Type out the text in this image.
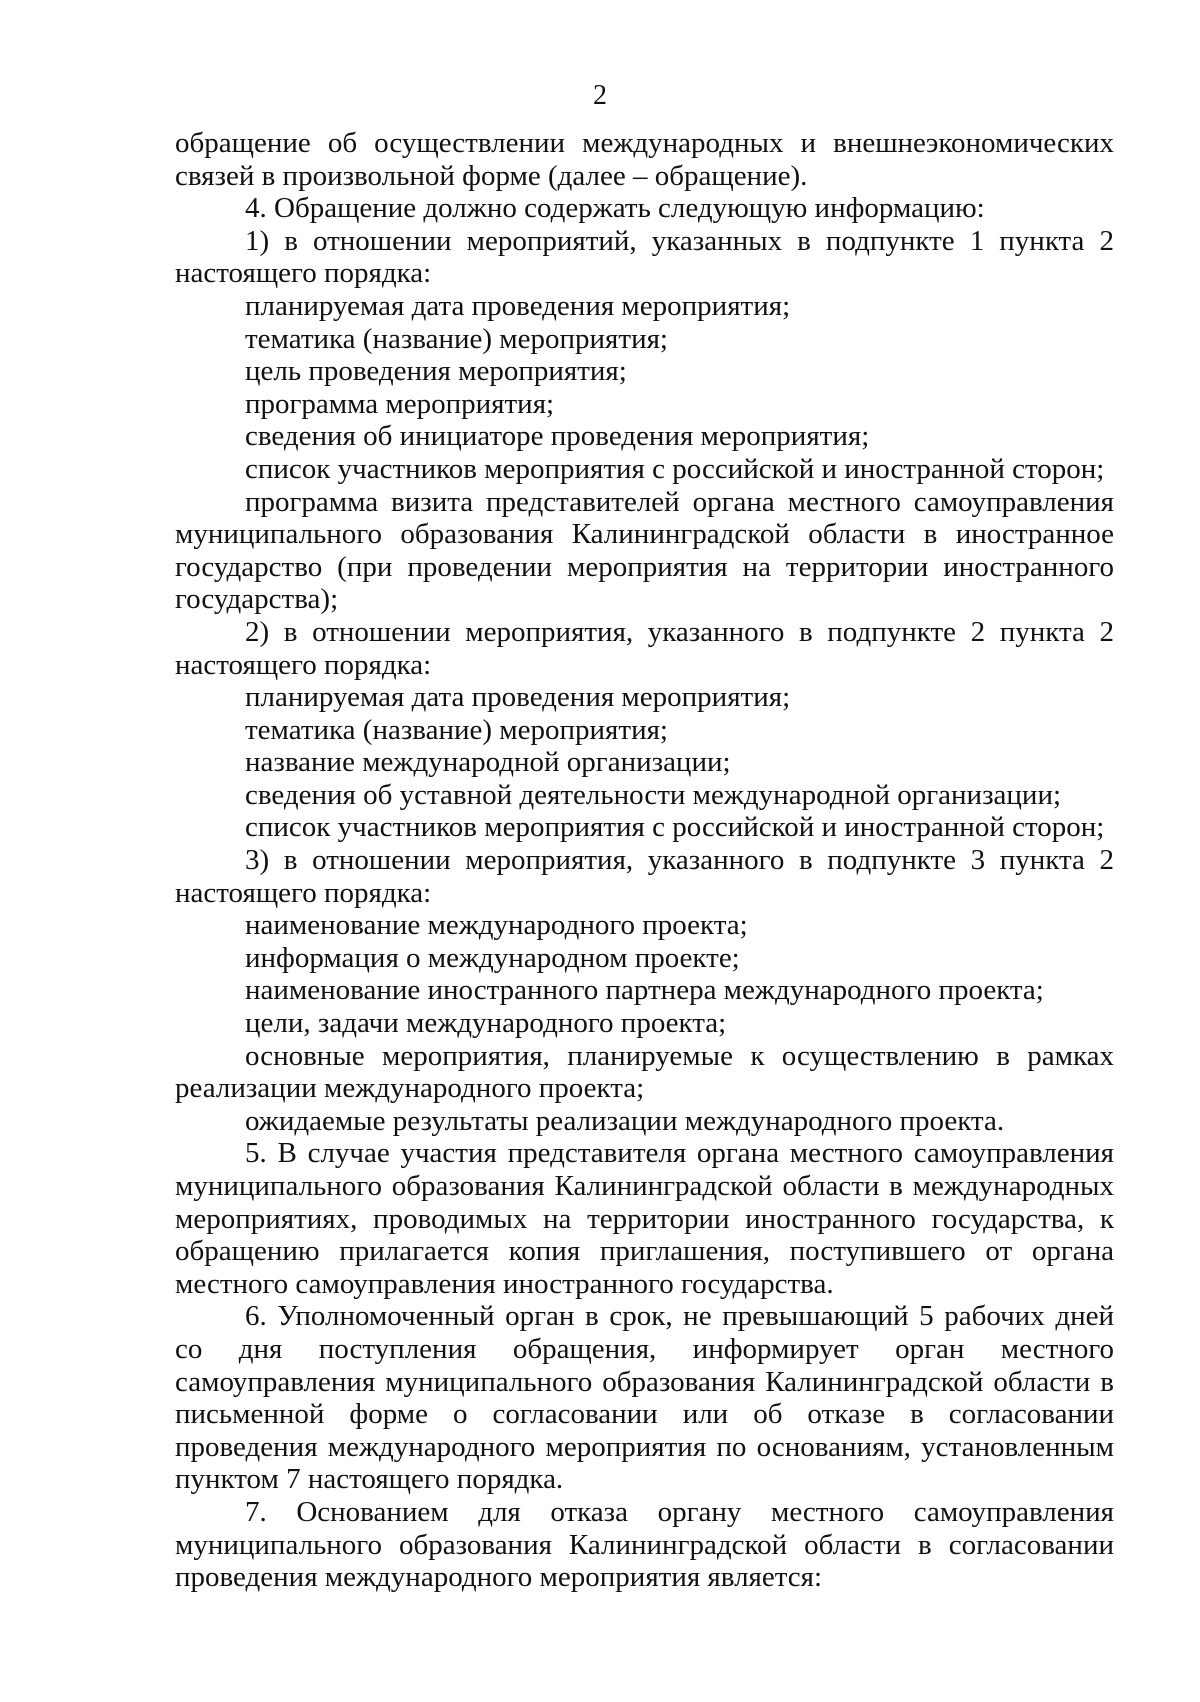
2

обращение об осуществлении международных и внешнеэкономических связей в произвольной форме (далее – обращение).

4. Обращение должно содержать следующую информацию:

1) в отношении мероприятий, указанных в подпункте 1 пункта 2 настоящего порядка:

планируемая дата проведения мероприятия;

тематика (название) мероприятия;

цель проведения мероприятия;

программа мероприятия;

сведения об инициаторе проведения мероприятия;

список участников мероприятия с российской и иностранной сторон;

программа визита представителей органа местного самоуправления муниципального образования Калининградской области в иностранное государство (при проведении мероприятия на территории иностранного государства);

2) в отношении мероприятия, указанного в подпункте 2 пункта 2 настоящего порядка:

планируемая дата проведения мероприятия;

тематика (название) мероприятия;

название международной организации;

сведения об уставной деятельности международной организации;

список участников мероприятия с российской и иностранной сторон;

3) в отношении мероприятия, указанного в подпункте 3 пункта 2 настоящего порядка:

наименование международного проекта;

информация о международном проекте;

наименование иностранного партнера международного проекта;

цели, задачи международного проекта;

основные мероприятия, планируемые к осуществлению в рамках реализации международного проекта;

ожидаемые результаты реализации международного проекта.

5. В случае участия представителя органа местного самоуправления муниципального образования Калининградской области в международных мероприятиях, проводимых на территории иностранного государства, к обращению прилагается копия приглашения, поступившего от органа местного самоуправления иностранного государства.

6. Уполномоченный орган в срок, не превышающий 5 рабочих дней со дня поступления обращения, информирует орган местного самоуправления муниципального образования Калининградской области в письменной форме о согласовании или об отказе в согласовании проведения международного мероприятия по основаниям, установленным пунктом 7 настоящего порядка.

7. Основанием для отказа органу местного самоуправления муниципального образования Калининградской области в согласовании проведения международного мероприятия является:
